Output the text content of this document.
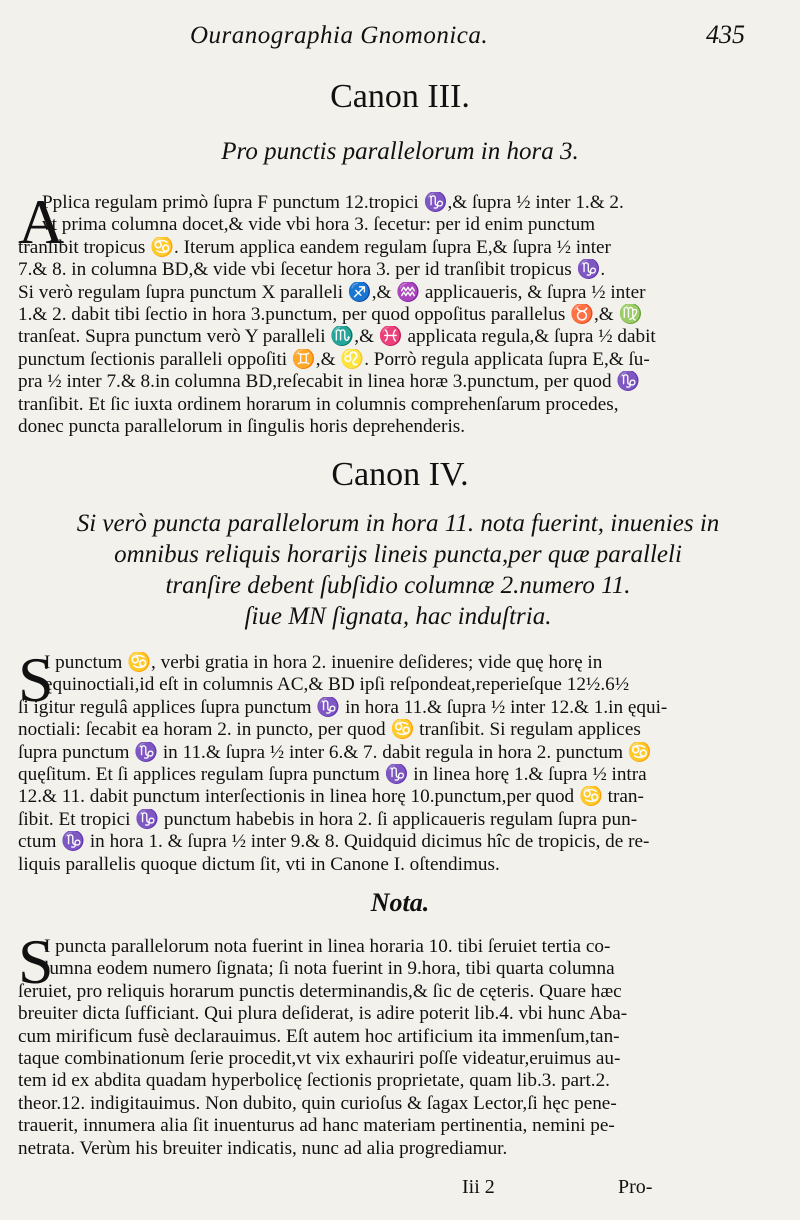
Ouranographia Gnomonica.	435
Canon III.
Pro punctis parallelorum in hora 3.
A
Pplica regulam primò ſupra F punctum 12.tropici ♑,& ſupra ½ inter 1.& 2.
vt prima columna docet,& vide vbi hora 3. ſecetur: per id enim punctum
tranſibit tropicus ♋. Iterum applica eandem regulam ſupra E,& ſupra ½ inter
7.& 8. in columna BD,& vide vbi ſecetur hora 3. per id tranſibit tropicus ♑.
Si verò regulam ſupra punctum X paralleli ♐,& ♒ applicaueris, & ſupra ½ inter
1.& 2. dabit tibi ſectio in hora 3.punctum, per quod oppoſitus parallelus ♉,& ♍
tranſeat. Supra punctum verò Y paralleli ♏,& ♓ applicata regula,& ſupra ½ dabit
punctum ſectionis paralleli oppoſiti ♊,& ♌. Porrò regula applicata ſupra E,& ſu-
pra ½ inter 7.& 8.in columna BD,reſecabit in linea horæ 3.punctum, per quod ♑
tranſibit. Et ſic iuxta ordinem horarum in columnis comprehenſarum procedes,
donec puncta parallelorum in ſingulis horis deprehenderis.
Canon IV.
Si verò puncta parallelorum in hora 11. nota fuerint, inuenies in
omnibus reliquis horarijs lineis puncta,per quæ paralleli
tranſire debent ſubſidio columnæ 2.numero 11.
ſiue MN ſignata, hac induſtria.
S
I punctum ♋, verbi gratia in hora 2. inuenire deſideres; vide quę horę in
ęquinoctiali,id eſt in columnis AC,& BD ipſi reſpondeat,reperieſque 12½.6½
ſi igitur regulâ applices ſupra punctum ♑ in hora 11.& ſupra ½ inter 12.& 1.in ęqui-
noctiali: ſecabit ea horam 2. in puncto, per quod ♋ tranſibit. Si regulam applices
ſupra punctum ♑ in 11.& ſupra ½ inter 6.& 7. dabit regula in hora 2. punctum ♋
quęſitum. Et ſi applices regulam ſupra punctum ♑ in linea horę 1.& ſupra ½ intra
12.& 11. dabit punctum interſectionis in linea horę 10.punctum,per quod ♋ tran-
ſibit. Et tropici ♑ punctum habebis in hora 2. ſi applicaueris regulam ſupra pun-
ctum ♑ in hora 1. & ſupra ½ inter 9.& 8. Quidquid dicimus hîc de tropicis, de re-
liquis parallelis quoque dictum ſit, vti in Canone I. oſtendimus.
Nota.
S
I puncta parallelorum nota fuerint in linea horaria 10. tibi ſeruiet tertia co-
lumna eodem numero ſignata; ſi nota fuerint in 9.hora, tibi quarta columna
ſeruiet, pro reliquis horarum punctis determinandis,& ſic de cęteris. Quare hæc
breuiter dicta ſufficiant. Qui plura deſiderat, is adire poterit lib.4. vbi hunc Aba-
cum mirificum fusè declarauimus. Eſt autem hoc artificium ita immenſum,tan-
taque combinationum ſerie procedit,vt vix exhauriri poſſe videatur,eruimus au-
tem id ex abdita quadam hyperbolicę ſectionis proprietate, quam lib.3. part.2.
theor.12. indigitauimus. Non dubito, quin curioſus & ſagax Lector,ſi hęc pene-
trauerit, innumera alia ſit inuenturus ad hanc materiam pertinentia, nemini pe-
netrata. Verùm his breuiter indicatis, nunc ad alia progrediamur.
Iii 2	Pro-
